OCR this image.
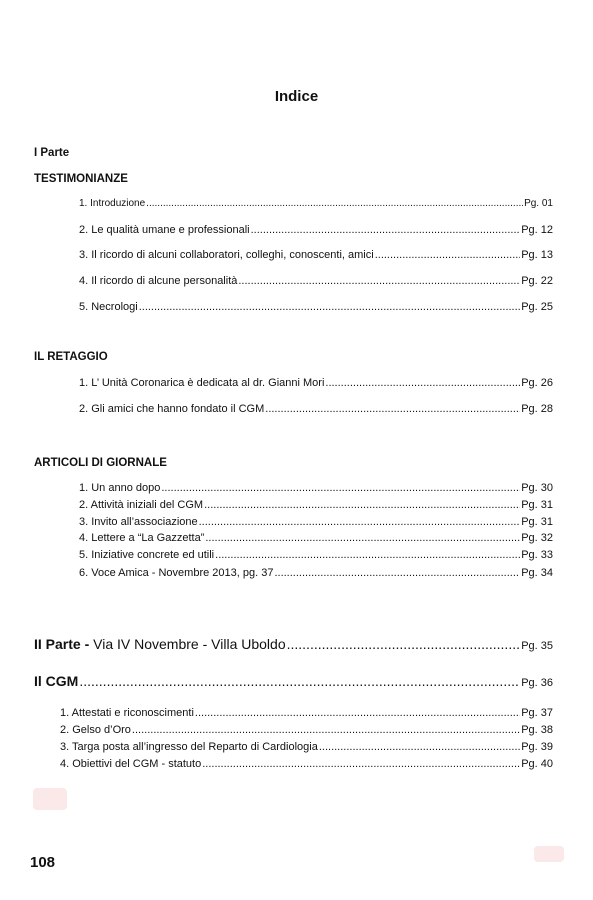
Indice
I Parte
TESTIMONIANZE
1. Introduzione .....	Pg. 01
2. Le qualità umane e professionali .....	Pg. 12
3. Il ricordo di alcuni collaboratori, colleghi, conoscenti, amici .....	Pg. 13
4. Il ricordo di alcune personalità .....	Pg. 22
5. Necrologi .....	Pg. 25
IL RETAGGIO
1. L’ Unità Coronarica è dedicata al dr. Gianni Mori .....	Pg. 26
2. Gli amici che hanno fondato il CGM .....	Pg. 28
ARTICOLI DI GIORNALE
1. Un anno dopo .....	Pg. 30
2. Attività iniziali del CGM .....	Pg. 31
3. Invito all’associazione .....	Pg. 31
4. Lettere a “La Gazzetta” .....	Pg. 32
5. Iniziative concrete ed utili .....	Pg. 33
6. Voce Amica - Novembre 2013, pg. 37 .....	Pg. 34
II Parte - Via IV Novembre - Villa Uboldo .....	Pg. 35
Il CGM .....	Pg. 36
1. Attestati e riconoscimenti .....	Pg. 37
2. Gelso d’Oro .....	Pg. 38
3. Targa posta all’ingresso del Reparto di Cardiologia .....	Pg. 39
4. Obiettivi del CGM - statuto .....	Pg. 40
108
